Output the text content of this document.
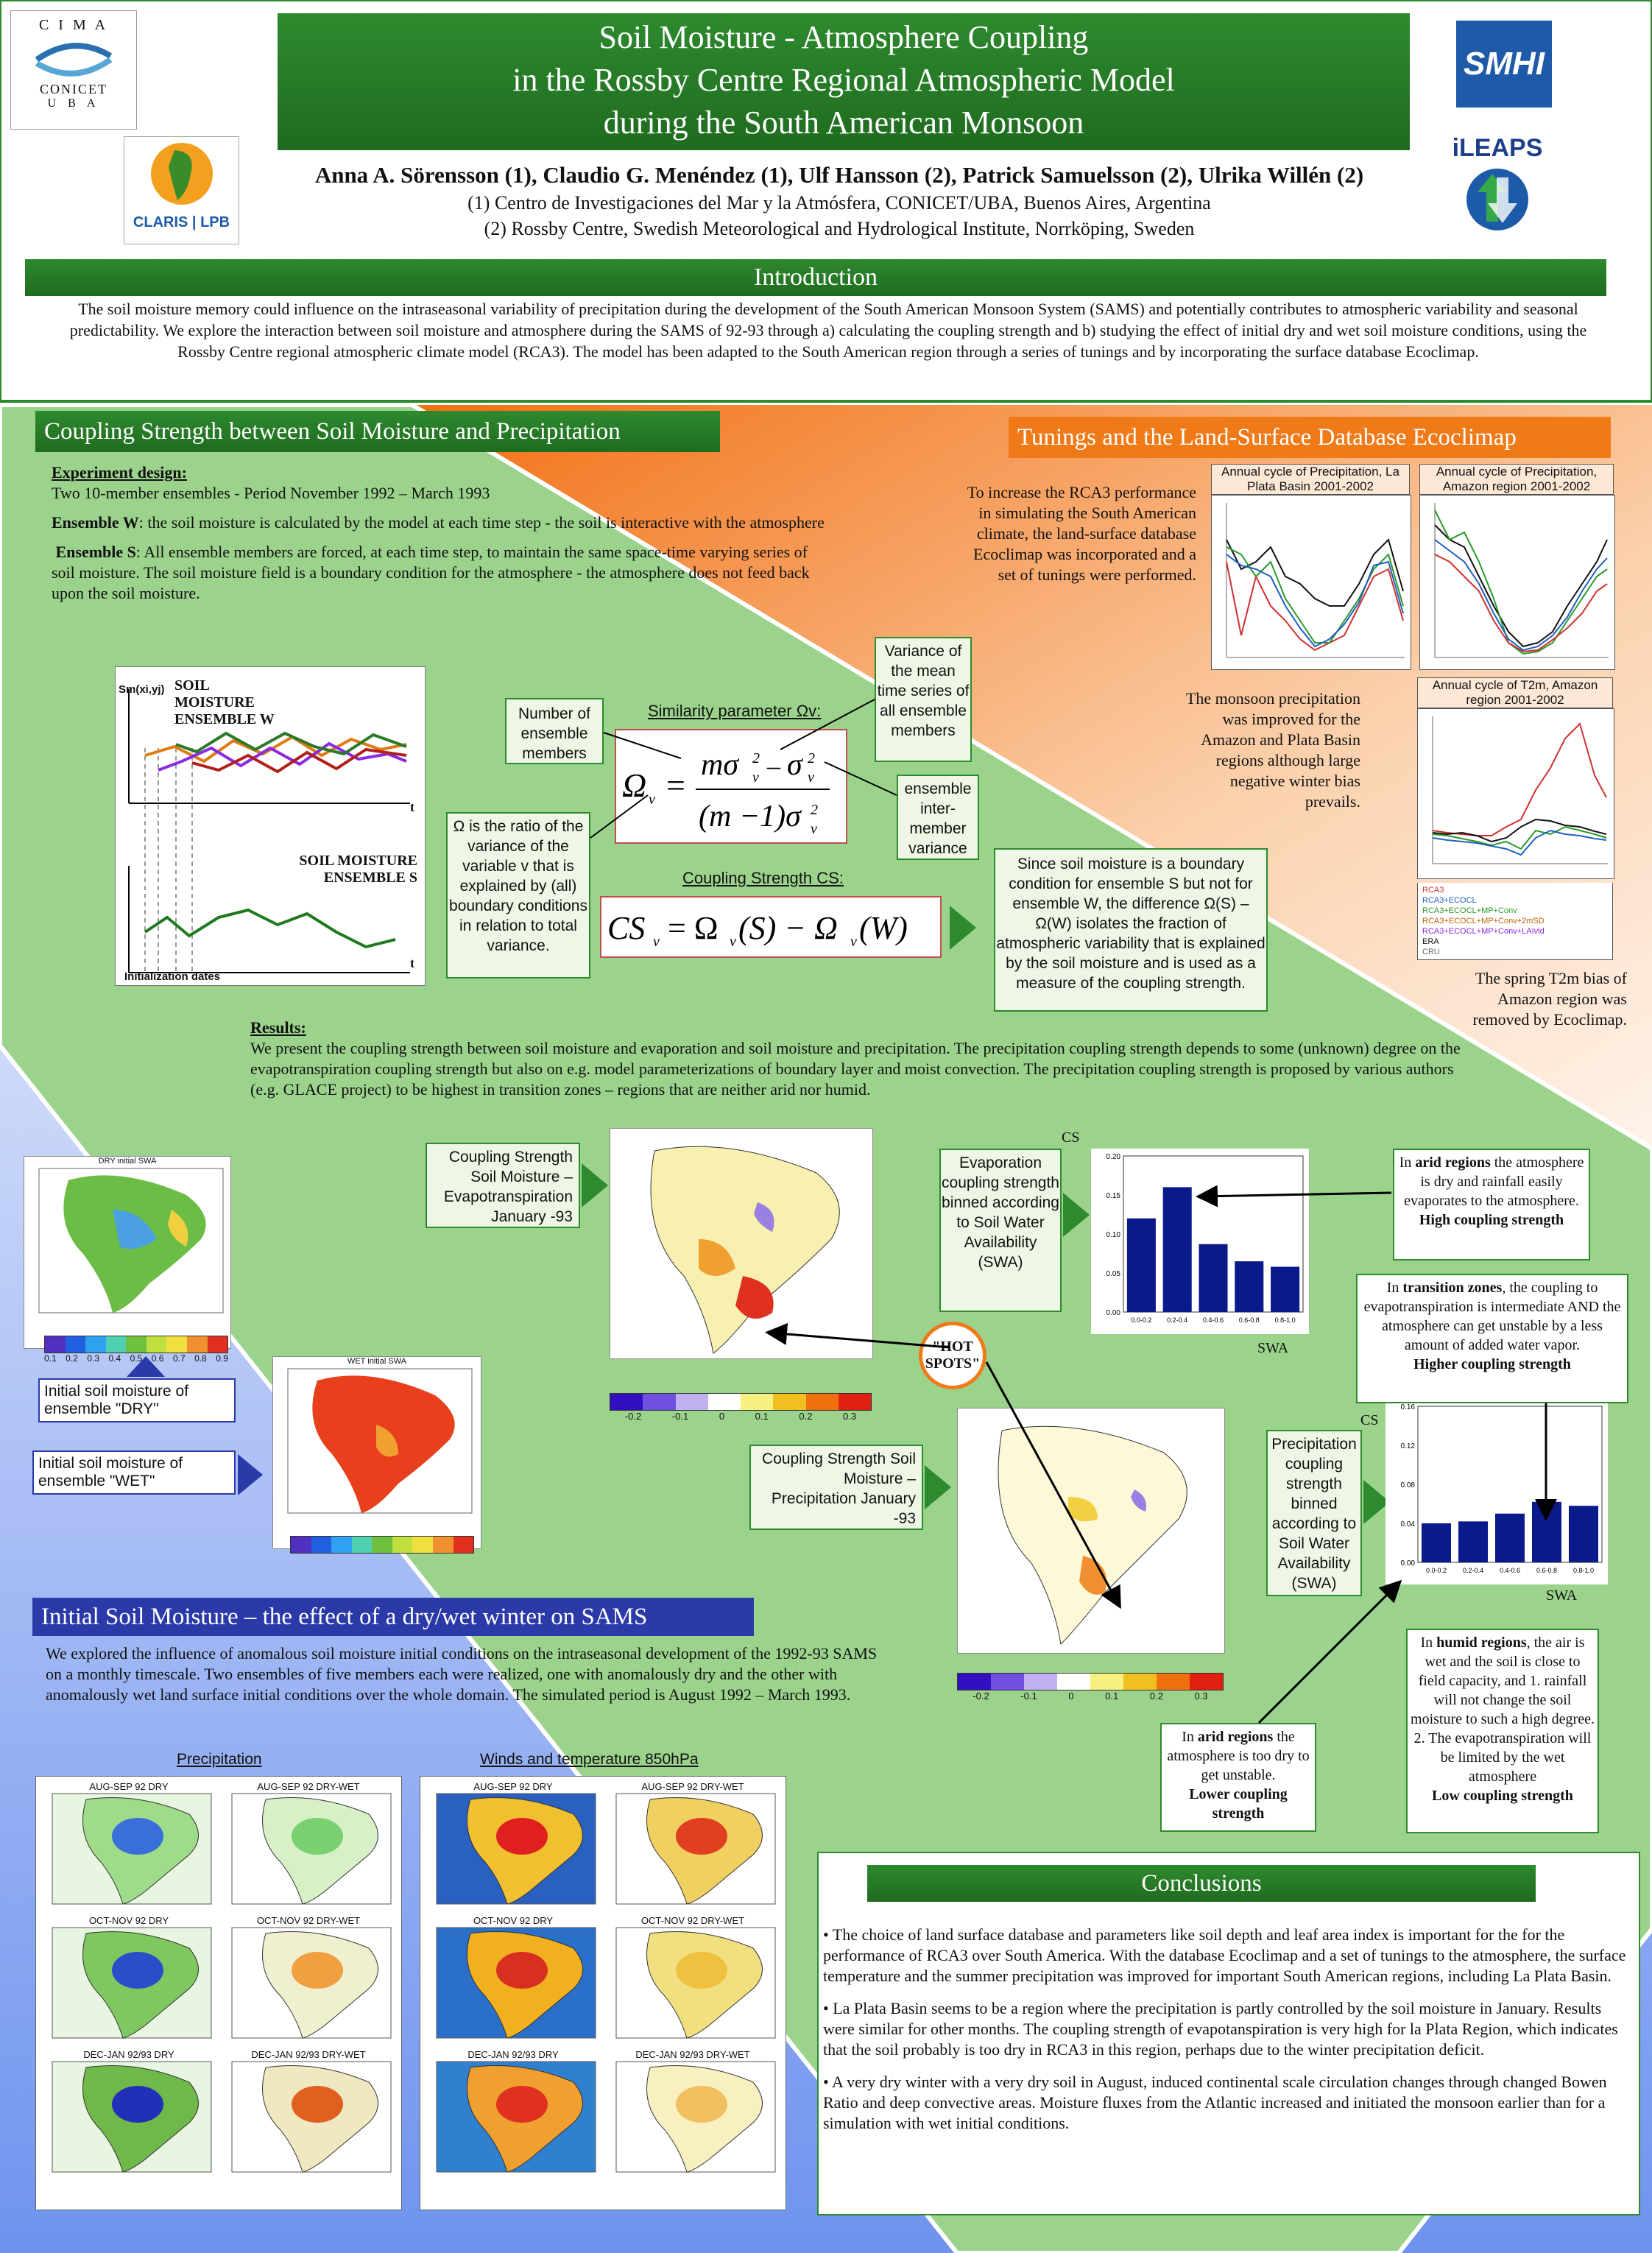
C I M A
CONICET
U B A
CLARIS | LPB
SMHI
iLEAPS
Soil Moisture - Atmosphere Coupling
in the Rossby Centre Regional Atmospheric Model
during the South American Monsoon
Anna A. Sörensson (1), Claudio G. Menéndez (1), Ulf Hansson (2), Patrick Samuelsson (2), Ulrika Willén (2)
(1) Centro de Investigaciones del Mar y la Atmósfera, CONICET/UBA, Buenos Aires, Argentina
(2) Rossby Centre, Swedish Meteorological and Hydrological Institute, Norrköping, Sweden
Introduction
The soil moisture memory could influence on the intraseasonal variability of precipitation during the development of the South American Monsoon System (SAMS) and potentially contributes to atmospheric variability and seasonal predictability. We explore the interaction between soil moisture and atmosphere during the SAMS of 92-93 through a) calculating the coupling strength and b) studying the effect of initial dry and wet soil moisture conditions, using the Rossby Centre regional atmospheric climate model (RCA3). The model has been adapted to the South American region through a series of tunings and by incorporating the surface database Ecoclimap.
Coupling Strength between Soil Moisture and Precipitation
Experiment design:
Two 10-member ensembles - Period November 1992 – March 1993
Ensemble W: the soil moisture is calculated by the model at each time step - the soil is interactive with the atmosphere
Ensemble S: All ensemble members are forced, at each time step, to maintain the same space-time varying series of soil moisture. The soil moisture field is a boundary condition for the atmosphere - the atmosphere does not feed back upon the soil moisture.
Sm(xi,yj) SOIL MOISTURE ENSEMBLE W
SOIL MOISTURE ENSEMBLE S
t
t
Initialization dates
Number of ensemble members
Similarity parameter Ωv:
Variance of the mean time series of all ensemble members
Ω v =
mσ 2
v – σ 2
v
(m −1)σ 2
v
ensemble inter-member variance
Ω is the ratio of the variance of the variable v that is explained by (all) boundary conditions in relation to total variance.
Coupling Strength CS:
CS v = Ω v (S) − Ω v (W)
Since soil moisture is a boundary condition for ensemble S but not for ensemble W, the difference Ω(S) – Ω(W) isolates the fraction of atmospheric variability that is explained by the soil moisture and is used as a measure of the coupling strength.
Results:
We present the coupling strength between soil moisture and evaporation and soil moisture and precipitation. The precipitation coupling strength depends to some (unknown) degree on the evapotranspiration coupling strength but also on e.g. model parameterizations of boundary layer and moist convection. The precipitation coupling strength is proposed by various authors (e.g. GLACE project) to be highest in transition zones – regions that are neither arid nor humid.
Tunings and the Land-Surface Database Ecoclimap
To increase the RCA3 performance in simulating the South American climate, the land-surface database Ecoclimap was incorporated and a set of tunings were performed.
The monsoon precipitation was improved for the Amazon and Plata Basin regions although large negative winter bias prevails.
The spring T2m bias of Amazon region was removed by Ecoclimap.
Annual cycle of Precipitation, La Plata Basin 2001-2002
Annual cycle of Precipitation, Amazon region 2001-2002
Annual cycle of T2m, Amazon region 2001-2002
RCA3
RCA3+ECOCL
RCA3+ECOCL+MP+Conv
RCA3+ECOCL+MP+Conv+2mSD
RCA3+ECOCL+MP+Conv+LAIvld
ERA
CRU
DRY initial SWA
0.1 0.2 0.3 0.4 0.5 0.6 0.7 0.8 0.9
Initial soil moisture of ensemble "DRY"
Initial soil moisture of ensemble "WET"
WET initial SWA
Coupling Strength Soil Moisture – Evapotranspiration January -93
-0.2	-0.1	0	0.1	0.2	0.3
"HOT SPOTS"
Coupling Strength Soil Moisture – Precipitation January -93
-0.2	-0.1	0	0.1	0.2	0.3
Evaporation coupling strength binned according to Soil Water Availability (SWA)
CS
0.00
0.05
0.10
0.15
0.20
0.0-0.2 0.2-0.4 0.4-0.6 0.6-0.8 0.8-1.0
SWA
Precipitation coupling strength binned according to Soil Water Availability (SWA)
CS
0.00
0.04
0.08
0.12
0.16
0.0-0.2 0.2-0.4 0.4-0.6 0.6-0.8 0.8-1.0
SWA
In arid regions the atmosphere is dry and rainfall easily evaporates to the atmosphere.
High coupling strength
In transition zones, the coupling to evapotranspiration is intermediate AND the atmosphere can get unstable by a less amount of added water vapor.
Higher coupling strength
In arid regions the atmosphere is too dry to get unstable.
Lower coupling strength
In humid regions, the air is wet and the soil is close to field capacity, and 1. rainfall will not change the soil moisture to such a high degree. 2. The evapotranspiration will be limited by the wet atmosphere
Low coupling strength
Initial Soil Moisture – the effect of a dry/wet winter on SAMS
We explored the influence of anomalous soil moisture initial conditions on the intraseasonal development of the 1992-93 SAMS on a monthly timescale. Two ensembles of five members each were realized, one with anomalously dry and the other with anomalously wet land surface initial conditions over the whole domain. The simulated period is August 1992 – March 1993.
Precipitation	Winds and temperature 850hPa
AUG-SEP 92 DRY	AUG-SEP 92 DRY-WET
OCT-NOV 92 DRY	OCT-NOV 92 DRY-WET
DEC-JAN 92/93 DRY	DEC-JAN 92/93 DRY-WET
AUG-SEP 92 DRY	AUG-SEP 92 DRY-WET
OCT-NOV 92 DRY	OCT-NOV 92 DRY-WET
DEC-JAN 92/93 DRY	DEC-JAN 92/93 DRY-WET
Conclusions
• The choice of land surface database and parameters like soil depth and leaf area index is important for the for the performance of RCA3 over South America. With the database Ecoclimap and a set of tunings to the atmosphere, the surface temperature and the summer precipitation was improved for important South American regions, including La Plata Basin.
• La Plata Basin seems to be a region where the precipitation is partly controlled by the soil moisture in January. Results were similar for other months. The coupling strength of evapotanspiration is very high for la Plata Region, which indicates that the soil probably is too dry in RCA3 in this region, perhaps due to the winter precipitation deficit.
• A very dry winter with a very dry soil in August, induced continental scale circulation changes through changed Bowen Ratio and deep convective areas. Moisture fluxes from the Atlantic increased and initiated the monsoon earlier than for a simulation with wet initial conditions.
